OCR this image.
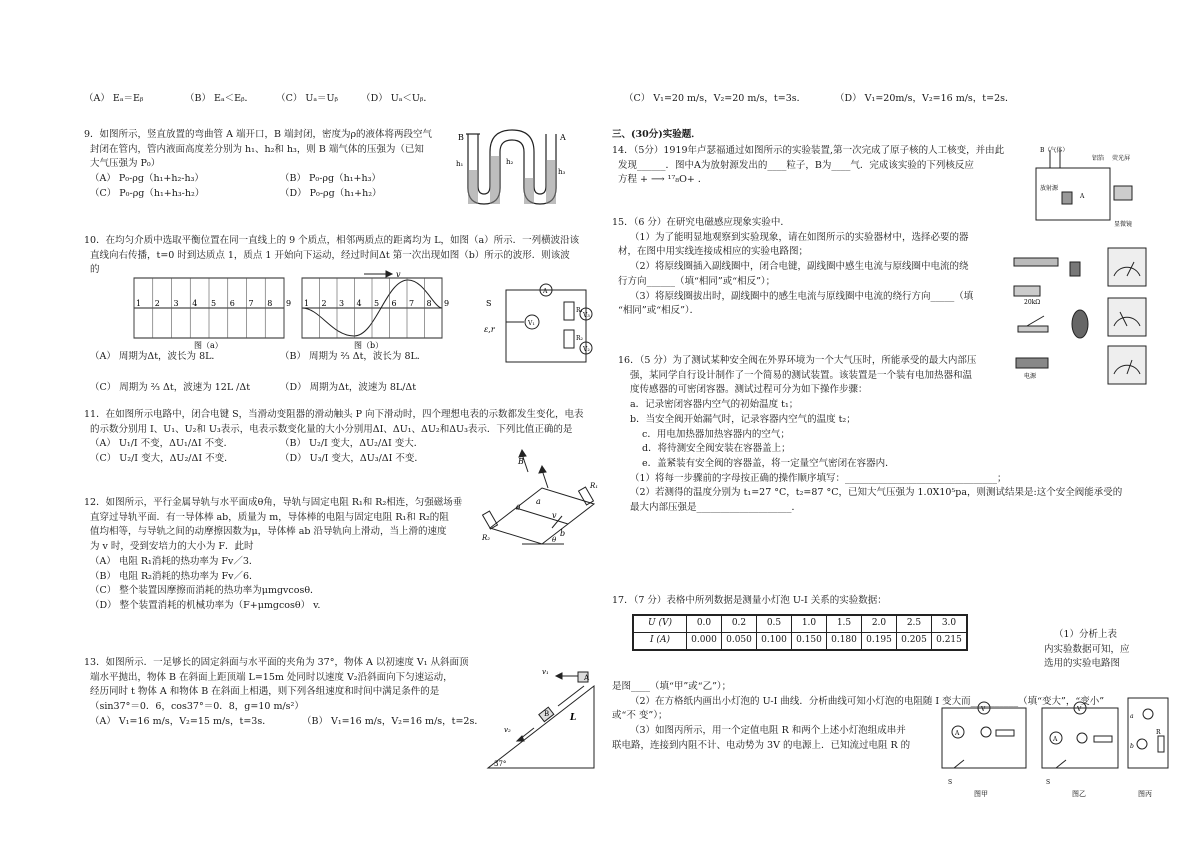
（A） Eₐ＝Eᵦ	（B） Eₐ＜Eᵦ． （C） Uₐ＝Uᵦ （D） Uₐ＜Uᵦ．

9．如图所示，竖直放置的弯曲管 A 端开口，B 端封闭，密度为ρ的液体将两段空气

封闭在管内，管内液面高度差分别为 h₁、h₂和 h₃，则 B 端气体的压强为（已知

大气压强为 P₀）

（A） P₀-ρg（h₁+h₂-h₃）	（B） P₀-ρg（h₁+h₃）

（C） P₀-ρg（h₁+h₃-h₂）	（D） P₀-ρg（h₁+h₂）

B	A
h₁	h₂
h₃

10．在均匀介质中选取平衡位置在同一直线上的 9 个质点，相邻两质点的距离均为 L，如图（a）所示．一列横波沿该

直线向右传播，t=0 时到达质点 1，质点 1 开始向下运动，经过时间Δt 第一次出现如图（b）所示的波形．则该波

的

1 2 3 4 5 6 7 8 9 1 2 3 4 5 6 7 8 9
v
图（a）	图（b）
S
ε,r
V₁
A
R₁
R₂
V₃
V₂

（A） 周期为Δt，波长为 8L．	（B） 周期为 ⅔ Δt，波长为 8L．

（C） 周期为 ⅔ Δt，波速为 12L /Δt	（D） 周期为Δt，波速为 8L/Δt

11．在如图所示电路中，闭合电键 S，当滑动变阻器的滑动触头 P 向下滑动时，四个理想电表的示数都发生变化，电表

的示数分别用 I、U₁、U₂和 U₃表示，电表示数变化量的大小分别用ΔI、ΔU₁、ΔU₂和ΔU₃表示．下列比值正确的是

（A） U₁/I 不变，ΔU₁/ΔI 不变．	（B） U₂/I 变大，ΔU₂/ΔI 变大．

（C） U₂/I 变大，ΔU₂/ΔI 不变．	（D） U₃/I 变大，ΔU₃/ΔI 不变．

12．如图所示，平行金属导轨与水平面成θ角，导轨与固定电阻 R₁和 R₂相连，匀强磁场垂

直穿过导轨平面．有一导体棒 ab，质量为 m，导体棒的电阻与固定电阻 R₁和 R₂的阻

值均相等，与导轨之间的动摩擦因数为μ，导体棒 ab 沿导轨向上滑动，当上滑的速度

为 v 时，受到安培力的大小为 F．此时

（A） 电阻 R₁消耗的热功率为 Fv／3．

（B） 电阻 R₂消耗的热功率为 Fv／6．

（C） 整个装置因摩擦而消耗的热功率为μmgvcosθ．

（D） 整个装置消耗的机械功率为（F+μmgcosθ） v.

B
a
b
v
R₁
R₂
θ
θ

13．如图所示．一足够长的固定斜面与水平面的夹角为 37°，物体 A 以初速度 V₁ 从斜面顶

端水平抛出，物体 B 在斜面上距顶端 L=15m 处同时以速度 V₂沿斜面向下匀速运动，

经历同时 t 物体 A 和物体 B 在斜面上相遇，则下列各组速度和时间中满足条件的是

（sin37°＝0．6，cos37°＝0．8，g=10 m/s²）

（A） V₁=16 m/s，V₂=15 m/s，t=3s．	（B） V₁=16 m/s，V₂=16 m/s，t=2s．

A
v₁
B
v₂
L
37°
（C） V₁=20 m/s，V₂=20 m/s，t=3s．	（D） V₁=20m/s，V₂=16 m/s，t=2s．
三、(30分)实验题．

14．（5分）1919年卢瑟福通过如图所示的实验装置,第一次完成了原子核的人工核变，并由此

发现______．图中A为放射源发出的____粒子，B为____气．完成该实验的下列核反应

方程 + ⟶ ¹⁷₈O+ ．

B（气体）
铝箔 荧光屏
放射源
A
显微镜

15．（6 分）在研究电磁感应现象实验中．

（1）为了能明显地观察到实验现象，请在如图所示的实验器材中，选择必要的器

材，在图中用实线连接成相应的实验电路图；

（2）将原线圈插入副线圈中，闭合电键，副线圈中感生电流与原线圈中电流的绕

行方向______（填“相同”或“相反”）；

（3）将原线圈拔出时，副线圈中的感生电流与原线圈中电流的绕行方向_____（填

“相同”或“相反”）．

20kΩ
电源

16．（5 分）为了测试某种安全阀在外界环境为一个大气压时，所能承受的最大内部压

强，某同学自行设计制作了一个简易的测试装置。该装置是一个装有电加热器和温

度传感器的可密闭容器。测试过程可分为如下操作步骤：

a．记录密闭容器内空气的初始温度 t₁；

b．当安全阀开始漏气时，记录容器内空气的温度 t₂；

c．用电加热器加热容器内的空气；

d．将待测安全阀安装在容器盖上；

e．盖紧装有安全阀的容器盖，将一定量空气密闭在容器内．

（1）将每一步骤前的字母按正确的操作顺序填写：________________________________；

（2）若测得的温度分别为 t₁=27 °C，t₂=87 °C，已知大气压强为 1.0X10⁵pa，则测试结果是:这个安全阀能承受的

最大内部压强是____________________．

17．（7 分）表格中所列数据是测量小灯泡 U-I 关系的实验数据：
U (V)	0.0	0.2	0.5	1.0	1.5	2.0	2.5	3.0
I (A)	0.000	0.050	0.100	0.150	0.180	0.195	0.205	0.215	（1）分析上表

内实验数据可知，应

选用的实验电路图

是图____（填“甲”或“乙”）；

（2）在方格纸内画出小灯泡的 U-I 曲线．分析曲线可知小灯泡的电阻随 I 变大而__________（填“变大”，“变小”

或“不 变”）；

（3）如图丙所示，用一个定值电阻 R 和两个上述小灯泡组成串并

联电路，连接到内阻不计、电动势为 3V 的电源上．已知流过电阻 R 的

V
A
V
A
a
b
R
S	S
图甲	图乙	图丙
